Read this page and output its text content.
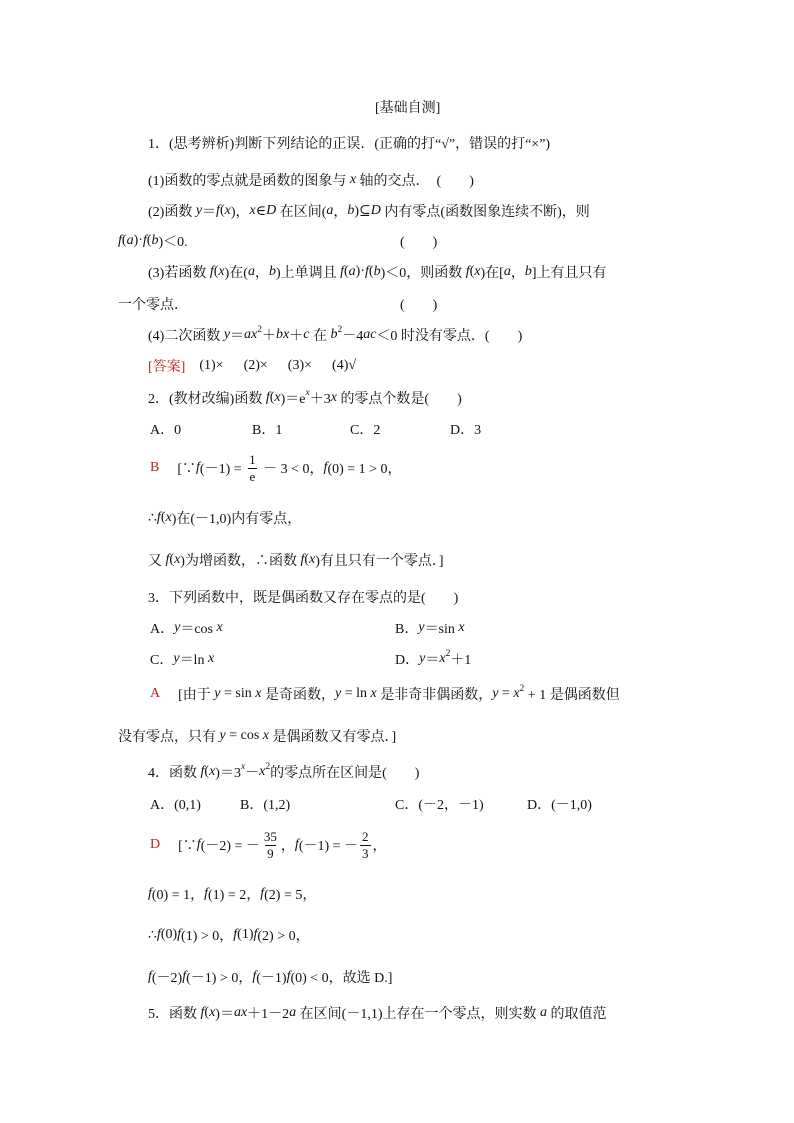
[基础自测]
1．(思考辨析)判断下列结论的正误．(正确的打“√”，错误的打“×”)
(1)函数的零点就是函数的图象与 x 轴的交点．　(　　)
(2)函数 y ＝ f ( x )， x ∈ D 在区间( a ， b )⊆ D 内有零点(函数图象连续不断)，则
f ( a )· f ( b )＜0.	(　　)
(3)若函数 f ( x )在( a ， b )上单调且 f ( a )· f ( b )＜0，则函数 f ( x )在[ a ， b ]上有且只有
一个零点．	(　　)
(4)二次函数 y ＝ ax 2 ＋ bx ＋ c 在 b 2 －4 ac ＜0 时没有零点．(　　)
[答案] (1)× (2)× (3)× (4)√
2．(教材改编)函数 f ( x )＝e x ＋3 x 的零点个数是(　　)
A．0	B．1	C．2	D．3
B 　[∵ f $(-1) = \frac{1}{e} - 3 < 0$， f (0) = 1 > 0，
∴ f ( x )在(－1,0)内有零点，
又 f ( x )为增函数，∴函数 f ( x )有且只有一个零点．]
3．下列函数中，既是偶函数又存在零点的是(　　)
A． y ＝cos x	B． y ＝sin x
C． y ＝ln x	D． y ＝ x 2 ＋1
A 　[由于 y = sin x 是奇函数， y = ln x 是非奇非偶函数， y = x 2 + 1 是偶函数但
没有零点，只有 y = cos x 是偶函数又有零点．]
4．函数 f ( x )＝3 x － x 2 的零点所在区间是(　　)
A．(0,1)	B．(1,2)	C．(－2，－1)	D．(－1,0)
D 　[∵ f (－2) = － $\frac{35}{9}$ ， f (－1) = － $\frac{2}{3}$ ，
f (0) = 1， f (1) = 2， f (2) = 5，
∴ f (0) f (1) > 0， f (1) f (2) > 0，
f (－2) f (－1) > 0， f (－1) f (0) < 0，故选 D.]
5．函数 f ( x )＝ ax ＋1－2 a 在区间(－1,1)上存在一个零点，则实数 a 的取值范
